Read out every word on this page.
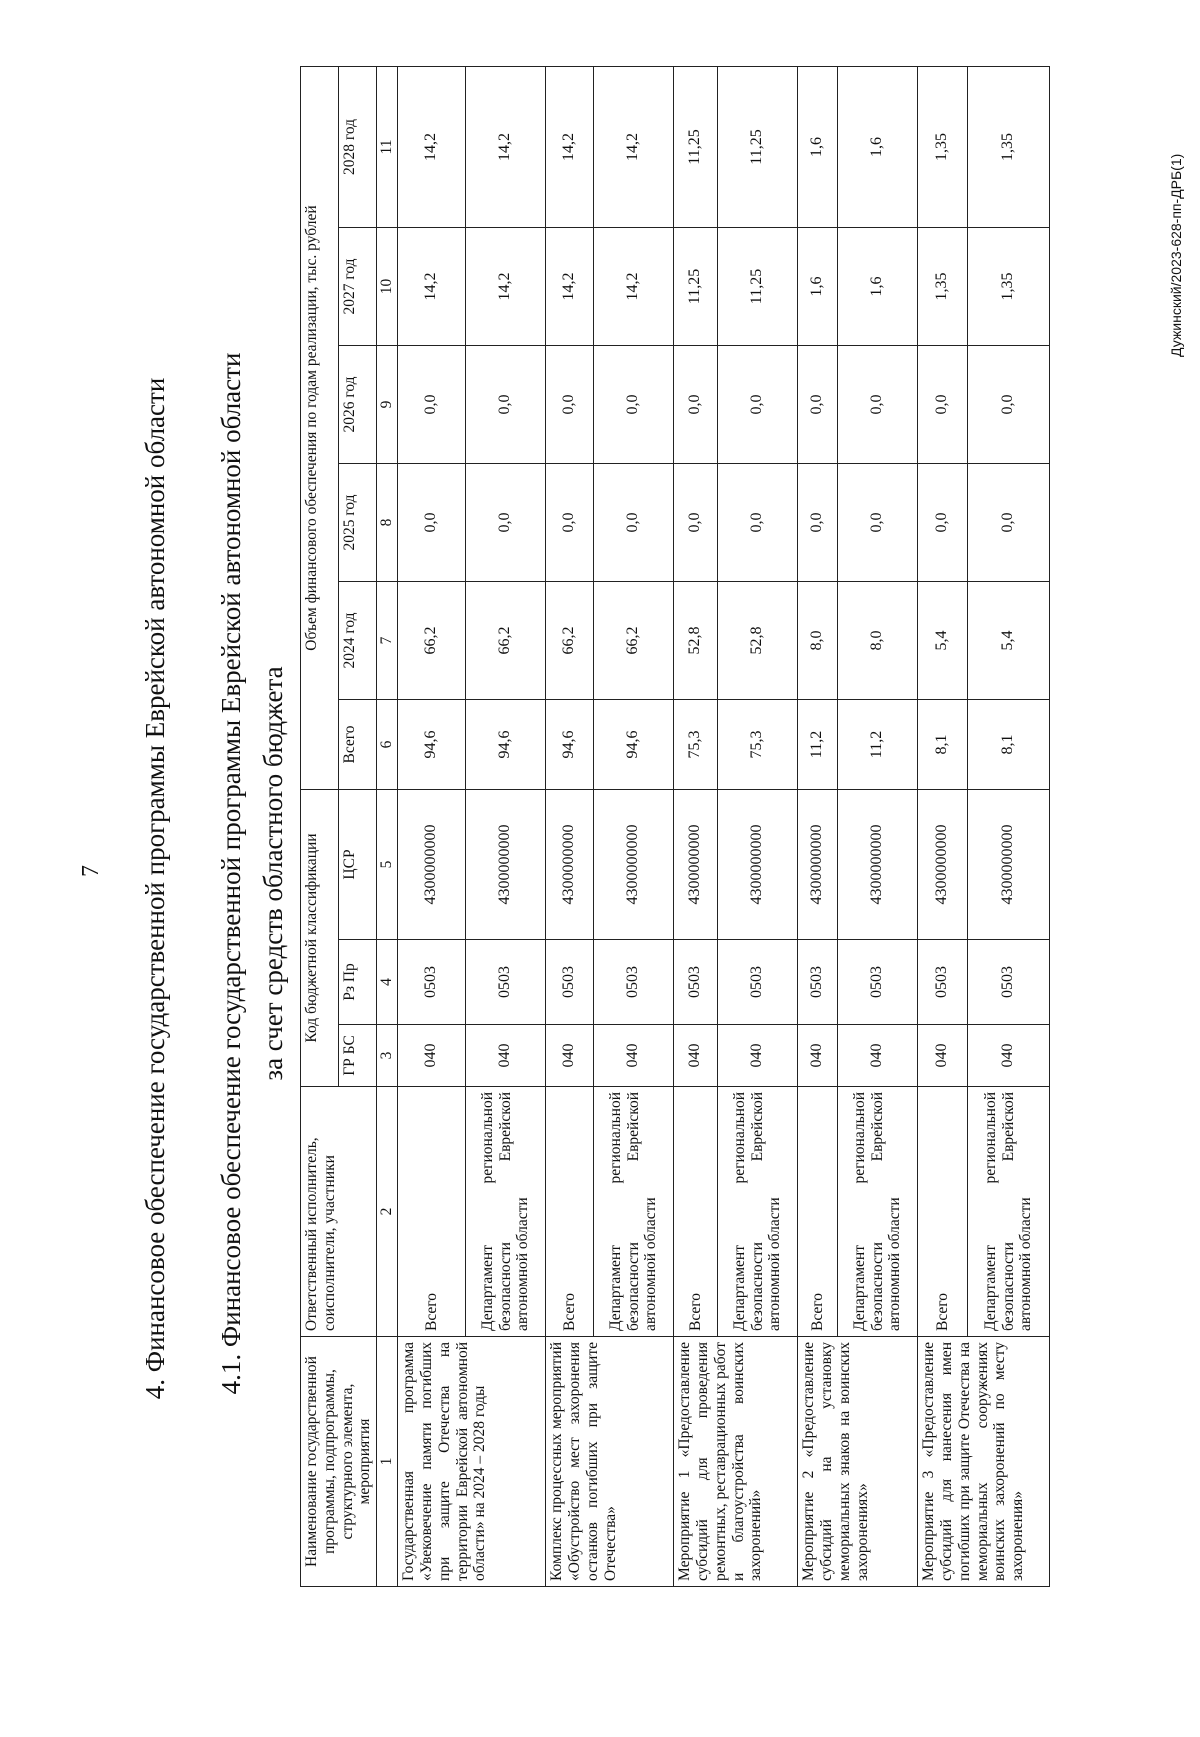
7 4. Финансовое обеспечение государственной программы Еврейской автономной области 4.1. Финансовое обеспечение государственной программы Еврейской автономной области за счет средств областного бюджета
Наименование государственной программы, подпрограммы, структурного элемента, мероприятия	Ответственный исполнитель, соисполнители, участники	Код бюджетной классификации			Объем финансового обеспечения по годам реализации, тыс. рублей					
		ГР БС	Рз Пр	ЦСР	Всего	2024 год	2025 год	2026 год	2027 год	2028 год
1	2	3	4	5	6	7	8	9	10	11
Государственная программа «Увековечение памяти погибших при защите Отечества на территории Еврейской автономной области» на 2024 – 2028 годы	Всего	040	0503	4300000000	94,6	66,2	0,0	0,0	14,2	14,2
	Департамент региональной безопасности Еврейской автономной области	040	0503	4300000000	94,6	66,2	0,0	0,0	14,2	14,2
Комплекс процессных мероприятий «Обустройство мест захоронения останков погибших при защите Отечества»	Всего	040	0503	4300000000	94,6	66,2	0,0	0,0	14,2	14,2
	Департамент региональной безопасности Еврейской автономной области	040	0503	4300000000	94,6	66,2	0,0	0,0	14,2	14,2
Мероприятие 1 «Предоставление субсидий для проведения ремонтных, реставрационных работ и благоустройства воинских захоронений»	Всего	040	0503	4300000000	75,3	52,8	0,0	0,0	11,25	11,25
	Департамент региональной безопасности Еврейской автономной области	040	0503	4300000000	75,3	52,8	0,0	0,0	11,25	11,25
Мероприятие 2 «Предоставление субсидий на установку мемориальных знаков на воинских захоронениях»	Всего	040	0503	4300000000	11,2	8,0	0,0	0,0	1,6	1,6
	Департамент региональной безопасности Еврейской автономной области	040	0503	4300000000	11,2	8,0	0,0	0,0	1,6	1,6
Мероприятие 3 «Предоставление субсидий для нанесения имен погибших при защите Отечества на мемориальных сооружениях воинских захоронений по месту захоронения»	Всего	040	0503	4300000000	8,1	5,4	0,0	0,0	1,35	1,35
	Департамент региональной безопасности Еврейской автономной области	040	0503	4300000000	8,1	5,4	0,0	0,0	1,35	1,35
Дужинский/2023-628-пп-ДРБ(1)
